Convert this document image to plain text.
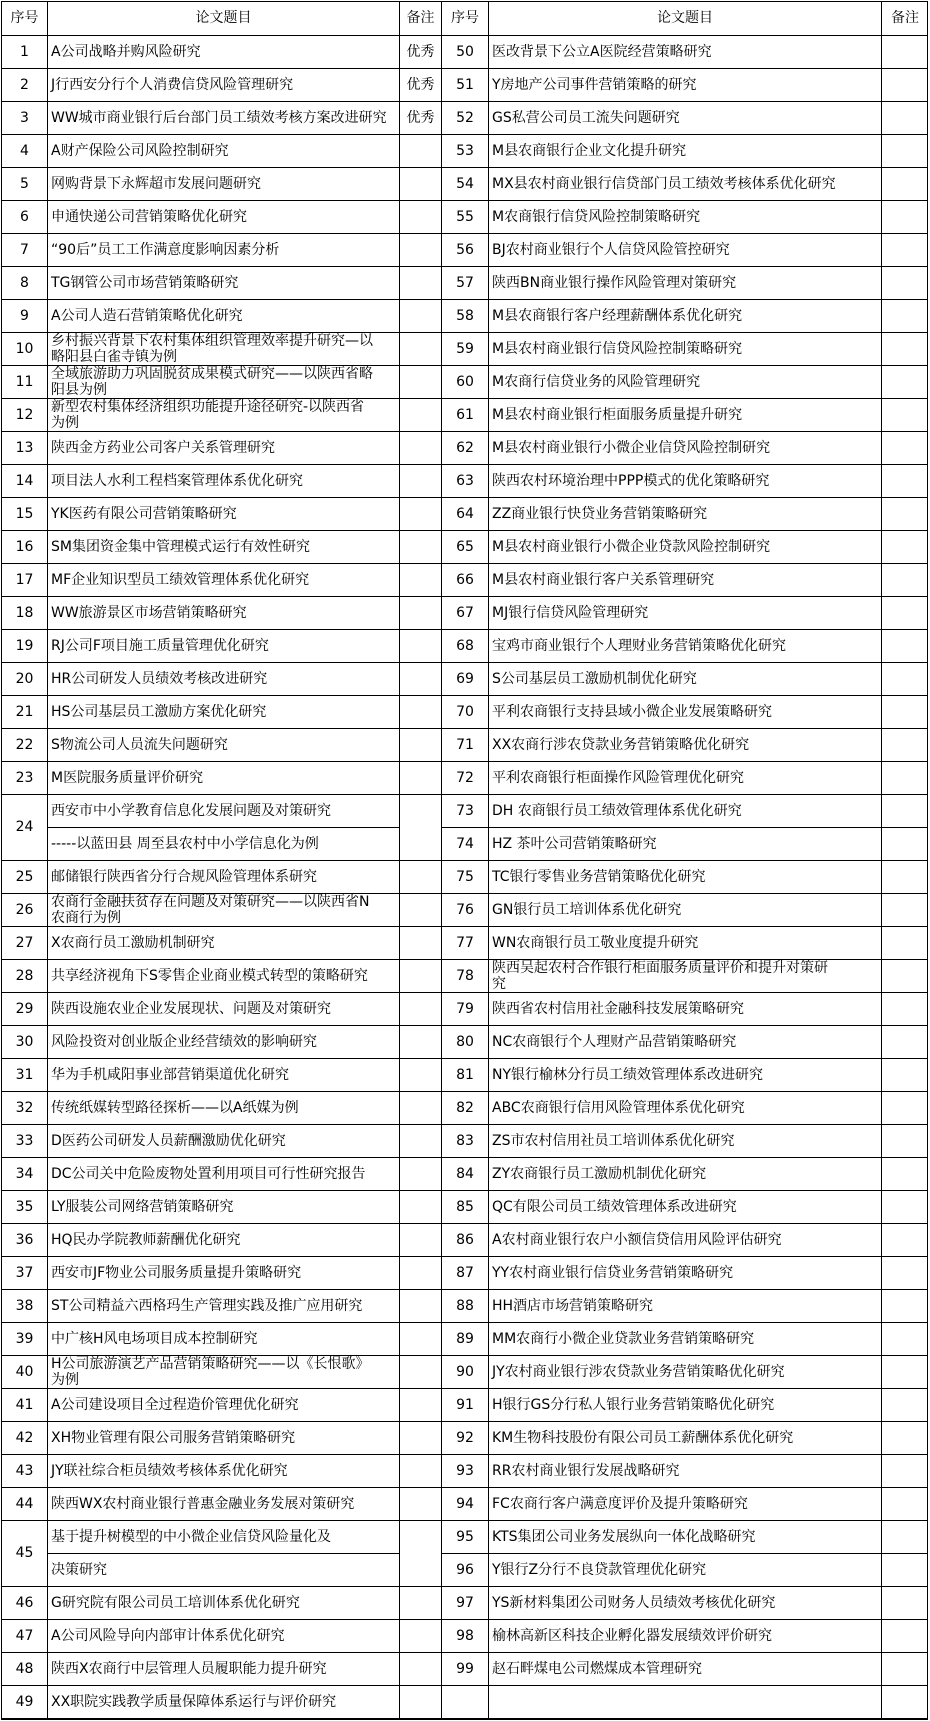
序号	论文题目	备注	序号	论文题目	备注
1	A公司战略并购风险研究	优秀
2	J行西安分行个人消费信贷风险管理研究	优秀
3	WW城市商业银行后台部门员工绩效考核方案改进研究	优秀
4	A财产保险公司风险控制研究
5	网购背景下永辉超市发展问题研究
6	申通快递公司营销策略优化研究
7	“90后”员工工作满意度影响因素分析
8	TG钢管公司市场营销策略研究
9	A公司人造石营销策略优化研究
10	乡村振兴背景下农村集体组织管理效率提升研究—以
略阳县白雀寺镇为例
11	全域旅游助力巩固脱贫成果模式研究——以陕西省略
阳县为例
12	新型农村集体经济组织功能提升途径研究-以陕西省
为例
13	陕西金方药业公司客户关系管理研究
14	项目法人水利工程档案管理体系优化研究
15	YK医药有限公司营销策略研究
16	SM集团资金集中管理模式运行有效性研究
17	MF企业知识型员工绩效管理体系优化研究
18	WW旅游景区市场营销策略研究
19	RJ公司F项目施工质量管理优化研究
20	HR公司研发人员绩效考核改进研究
21	HS公司基层员工激励方案优化研究
22	S物流公司人员流失问题研究
23	M医院服务质量评价研究
24
西安市中小学教育信息化发展问题及对策研究
-----以蓝田县 周至县农村中小学信息化为例
25	邮储银行陕西省分行合规风险管理体系研究
26	农商行金融扶贫存在问题及对策研究——以陕西省N
农商行为例
27	X农商行员工激励机制研究
28	共享经济视角下S零售企业商业模式转型的策略研究
29	陕西设施农业企业发展现状、问题及对策研究
30	风险投资对创业版企业经营绩效的影响研究
31	华为手机咸阳事业部营销渠道优化研究
32	传统纸媒转型路径探析——以A纸媒为例
33	D医药公司研发人员薪酬激励优化研究
34	DC公司关中危险废物处置利用项目可行性研究报告
35	LY服装公司网络营销策略研究
36	HQ民办学院教师薪酬优化研究
37	西安市JF物业公司服务质量提升策略研究
38	ST公司精益六西格玛生产管理实践及推广应用研究
39	中广核H风电场项目成本控制研究
40	H公司旅游演艺产品营销策略研究——以《长恨歌》
为例
41	A公司建设项目全过程造价管理优化研究
42	XH物业管理有限公司服务营销策略研究
43	JY联社综合柜员绩效考核体系优化研究
44	陕西WX农村商业银行普惠金融业务发展对策研究
45
基于提升树模型的中小微企业信贷风险量化及
决策研究
46	G研究院有限公司员工培训体系优化研究
47	A公司风险导向内部审计体系优化研究
48	陕西X农商行中层管理人员履职能力提升研究
49	XX职院实践教学质量保障体系运行与评价研究
50	医改背景下公立A医院经营策略研究
51	Y房地产公司事件营销策略的研究
52	GS私营公司员工流失问题研究
53	M县农商银行企业文化提升研究
54	MX县农村商业银行信贷部门员工绩效考核体系优化研究
55	M农商银行信贷风险控制策略研究
56	BJ农村商业银行个人信贷风险管控研究
57	陕西BN商业银行操作风险管理对策研究
58	M县农商银行客户经理薪酬体系优化研究
59	M县农村商业银行信贷风险控制策略研究
60	M农商行信贷业务的风险管理研究
61	M县农村商业银行柜面服务质量提升研究
62	M县农村商业银行小微企业信贷风险控制研究
63	陕西农村环境治理中PPP模式的优化策略研究
64	ZZ商业银行快贷业务营销策略研究
65	M县农村商业银行小微企业贷款风险控制研究
66	M县农村商业银行客户关系管理研究
67	MJ银行信贷风险管理研究
68	宝鸡市商业银行个人理财业务营销策略优化研究
69	S公司基层员工激励机制优化研究
70	平利农商银行支持县域小微企业发展策略研究
71	XX农商行涉农贷款业务营销策略优化研究
72	平利农商银行柜面操作风险管理优化研究
73	DH 农商银行员工绩效管理体系优化研究
74	HZ 茶叶公司营销策略研究
75	TC银行零售业务营销策略优化研究
76	GN银行员工培训体系优化研究
77	WN农商银行员工敬业度提升研究
78	陕西吴起农村合作银行柜面服务质量评价和提升对策研
究
79	陕西省农村信用社金融科技发展策略研究
80	NC农商银行个人理财产品营销策略研究
81	NY银行榆林分行员工绩效管理体系改进研究
82	ABC农商银行信用风险管理体系优化研究
83	ZS市农村信用社员工培训体系优化研究
84	ZY农商银行员工激励机制优化研究
85	QC有限公司员工绩效管理体系改进研究
86	A农村商业银行农户小额信贷信用风险评估研究
87	YY农村商业银行信贷业务营销策略研究
88	HH酒店市场营销策略研究
89	MM农商行小微企业贷款业务营销策略研究
90	JY农村商业银行涉农贷款业务营销策略优化研究
91	H银行GS分行私人银行业务营销策略优化研究
92	KM生物科技股份有限公司员工薪酬体系优化研究
93	RR农村商业银行发展战略研究
94	FC农商行客户满意度评价及提升策略研究
95	KTS集团公司业务发展纵向一体化战略研究
96	Y银行Z分行不良贷款管理优化研究
97	YS新材料集团公司财务人员绩效考核优化研究
98	榆林高新区科技企业孵化器发展绩效评价研究
99	赵石畔煤电公司燃煤成本管理研究
